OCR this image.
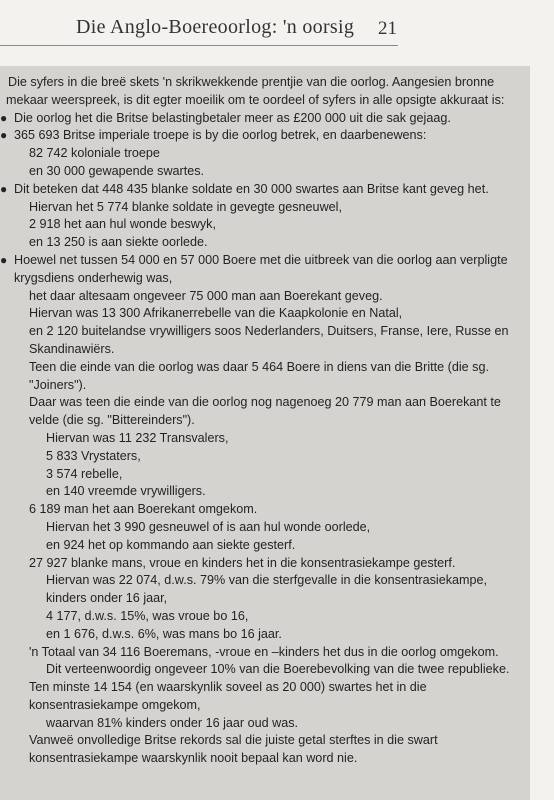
Die Anglo-Boereoorlog: 'n oorsig 21

Die syfers in die breë skets 'n skrikwekkende prentjie van die oorlog. Aangesien bronne mekaar weerspreek, is dit egter moeilik om te oordeel of syfers in alle opsigte akkuraat is:

● Die oorlog het die Britse belastingbetaler meer as £200 000 uit die sak gejaag.
● 365 693 Britse imperiale troepe is by die oorlog betrek, en daarbenewens:
82 742 koloniale troepe
en 30 000 gewapende swartes.
● Dit beteken dat 448 435 blanke soldate en 30 000 swartes aan Britse kant geveg het.
Hiervan het 5 774 blanke soldate in gevegte gesneuwel,
2 918 het aan hul wonde beswyk,
en 13 250 is aan siekte oorlede.
● Hoewel net tussen 54 000 en 57 000 Boere met die uitbreek van die oorlog aan verpligte krygsdiens onderhewig was,
het daar altesaam ongeveer 75 000 man aan Boerekant geveg.
Hiervan was 13 300 Afrikanerrebelle van die Kaapkolonie en Natal,
en 2 120 buitelandse vrywilligers soos Nederlanders, Duitsers, Franse, Iere, Russe en Skandinawiërs.
Teen die einde van die oorlog was daar 5 464 Boere in diens van die Britte (die sg. "Joiners").
Daar was teen die einde van die oorlog nog nagenoeg 20 779 man aan Boerekant te velde (die sg. "Bittereinders").
Hiervan was 11 232 Transvalers,
5 833 Vrystaters,
3 574 rebelle,
en 140 vreemde vrywilligers.
6 189 man het aan Boerekant omgekom.
Hiervan het 3 990 gesneuwel of is aan hul wonde oorlede,
en 924 het op kommando aan siekte gesterf.
27 927 blanke mans, vroue en kinders het in die konsentrasiekampe gesterf.
Hiervan was 22 074, d.w.s. 79% van die sterfgevalle in die konsentrasiekampe, kinders onder 16 jaar,
4 177, d.w.s. 15%, was vroue bo 16,
en 1 676, d.w.s. 6%, was mans bo 16 jaar.
'n Totaal van 34 116 Boeremans, -vroue en –kinders het dus in die oorlog omgekom.
Dit verteenwoordig ongeveer 10% van die Boerebevolking van die twee republieke.
Ten minste 14 154 (en waarskynlik soveel as 20 000) swartes het in die konsentrasiekampe omgekom,
waarvan 81% kinders onder 16 jaar oud was.
Vanweë onvolledige Britse rekords sal die juiste getal sterftes in die swart konsentrasiekampe waarskynlik nooit bepaal kan word nie.
